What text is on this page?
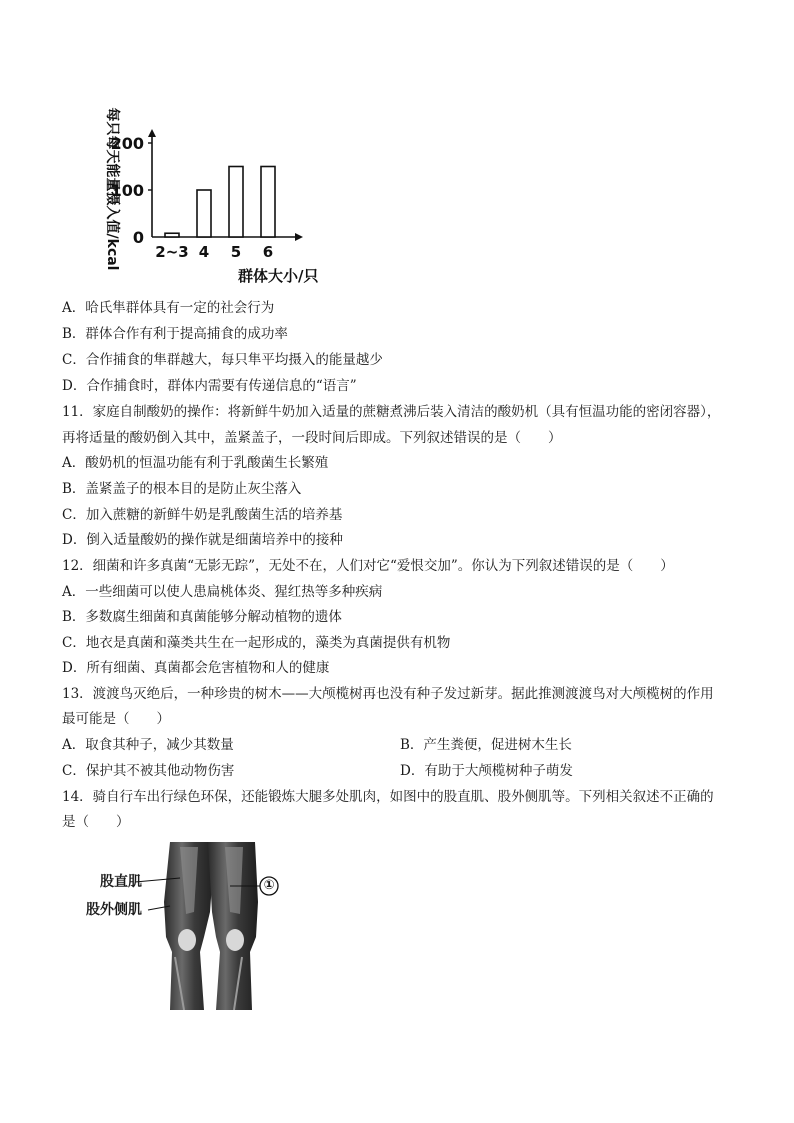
0
100
200
2~3 4 5 6
群体大小/只
每只每天能量摄入值/kcal
A．哈氏隼群体具有一定的社会行为
B．群体合作有利于提高捕食的成功率
C．合作捕食的隼群越大，每只隼平均摄入的能量越少
D．合作捕食时，群体内需要有传递信息的“语言”
11．家庭自制酸奶的操作：将新鲜牛奶加入适量的蔗糖煮沸后装入清洁的酸奶机（具有恒温功能的密闭容器），
再将适量的酸奶倒入其中，盖紧盖子，一段时间后即成。下列叙述错误的是（　　）
A．酸奶机的恒温功能有利于乳酸菌生长繁殖
B．盖紧盖子的根本目的是防止灰尘落入
C．加入蔗糖的新鲜牛奶是乳酸菌生活的培养基
D．倒入适量酸奶的操作就是细菌培养中的接种
12．细菌和许多真菌“无影无踪”，无处不在，人们对它“爱恨交加”。你认为下列叙述错误的是（　　）
A．一些细菌可以使人患扁桃体炎、猩红热等多种疾病
B．多数腐生细菌和真菌能够分解动植物的遗体
C．地衣是真菌和藻类共生在一起形成的，藻类为真菌提供有机物
D．所有细菌、真菌都会危害植物和人的健康
13．渡渡鸟灭绝后，一种珍贵的树木——大颅榄树再也没有种子发过新芽。据此推测渡渡鸟对大颅榄树的作用
最可能是（　　）
A．取食其种子，减少其数量	B．产生粪便，促进树木生长
C．保护其不被其他动物伤害	D．有助于大颅榄树种子萌发
14．骑自行车出行绿色环保，还能锻炼大腿多处肌肉，如图中的股直肌、股外侧肌等。下列相关叙述不正确的
是（　　）
股直肌
股外侧肌
①
